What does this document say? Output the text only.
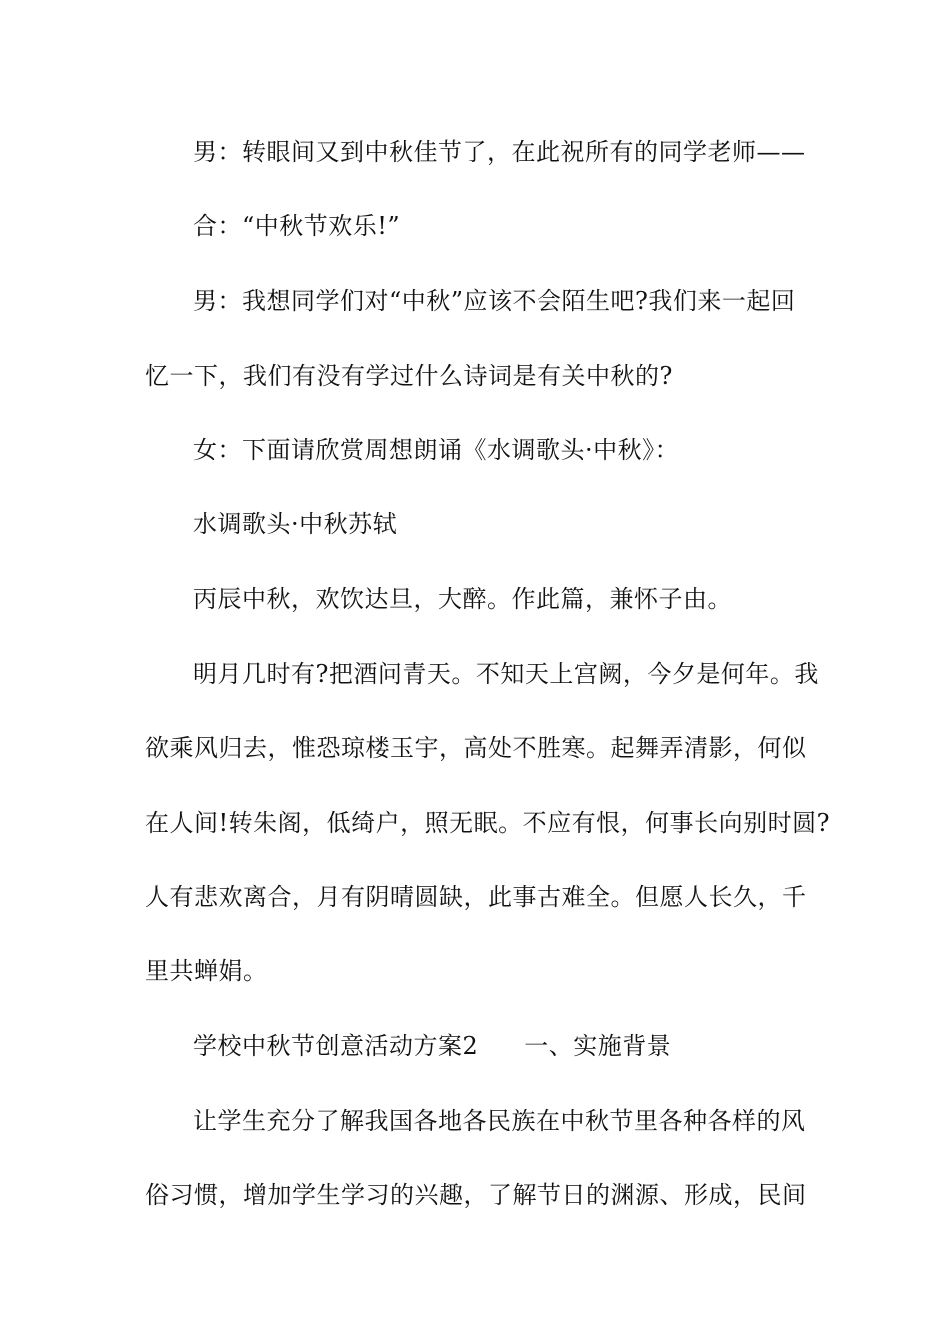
男：转眼间又到中秋佳节了，在此祝所有的同学老师——
合：“中秋节欢乐!”
男：我想同学们对“中秋”应该不会陌生吧?我们来一起回
忆一下，我们有没有学过什么诗词是有关中秋的?
女：下面请欣赏周想朗诵《水调歌头·中秋》：
水调歌头·中秋苏轼
丙辰中秋，欢饮达旦，大醉。作此篇，兼怀子由。
明月几时有?把酒问青天。不知天上宫阙，今夕是何年。我
欲乘风归去，惟恐琼楼玉宇，高处不胜寒。起舞弄清影，何似
在人间!转朱阁，低绮户，照无眠。不应有恨，何事长向别时圆?
人有悲欢离合，月有阴晴圆缺，此事古难全。但愿人长久，千
里共蝉娟。
学校中秋节创意活动方案2 一、实施背景
让学生充分了解我国各地各民族在中秋节里各种各样的风
俗习惯，增加学生学习的兴趣，了解节日的渊源、形成，民间
